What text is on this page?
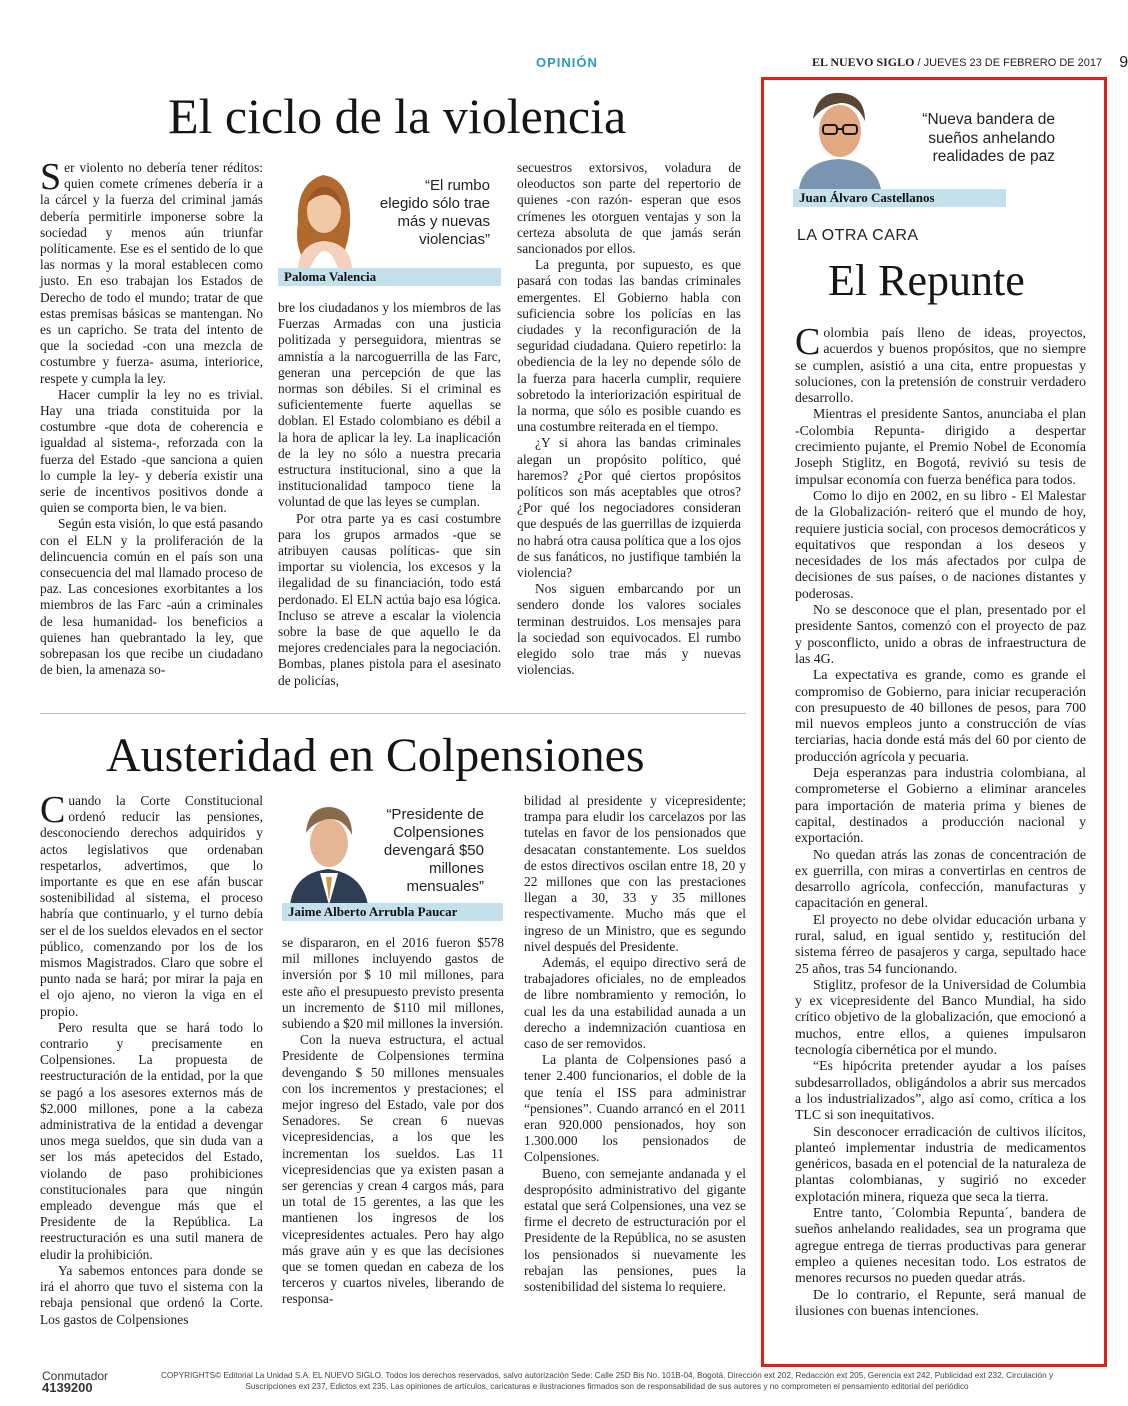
OPINIÓN	EL NUEVO SIGLO / JUEVES 23 DE FEBRERO DE 2017 9
El ciclo de la violencia

Ser violento no debería tener réditos: quien comete crímenes debería ir a la cárcel y la fuerza del criminal jamás debería permitirle imponerse sobre la sociedad y menos aún triunfar políticamente. Ese es el sentido de lo que las normas y la moral establecen como justo. En eso trabajan los Estados de Derecho de todo el mundo; tratar de que estas premisas básicas se mantengan. No es un capricho. Se trata del intento de que la sociedad -con una mezcla de costumbre y fuerza- asuma, interiorice, respete y cumpla la ley.

Hacer cumplir la ley no es trivial. Hay una triada constituida por la costumbre -que dota de coherencia e igualdad al sistema-, reforzada con la fuerza del Estado -que sanciona a quien lo cumple la ley- y debería existir una serie de incentivos positivos donde a quien se comporta bien, le va bien.

Según esta visión, lo que está pasando con el ELN y la proliferación de la delincuencia común en el país son una consecuencia del mal llamado proceso de paz. Las concesiones exorbitantes a los miembros de las Farc -aún a criminales de lesa humanidad- los beneficios a quienes han quebrantado la ley, que sobrepasan los que recibe un ciudadano de bien, la amenaza so-

“El rumbo elegido sólo trae más y nuevas violencias”
Paloma Valencia

bre los ciudadanos y los miembros de las Fuerzas Armadas con una justicia politizada y perseguidora, mientras se amnistía a la narcoguerrilla de las Farc, generan una percepción de que las normas son débiles. Si el criminal es suficientemente fuerte aquellas se doblan. El Estado colombiano es débil a la hora de aplicar la ley. La inaplicación de la ley no sólo a nuestra precaria estructura institucional, sino a que la institucionalidad tampoco tiene la voluntad de que las leyes se cumplan.

Por otra parte ya es casi costumbre para los grupos armados -que se atribuyen causas políticas- que sin importar su violencia, los excesos y la ilegalidad de su financiación, todo está perdonado. El ELN actúa bajo esa lógica. Incluso se atreve a escalar la violencia sobre la base de que aquello le da mejores credenciales para la negociación. Bombas, planes pistola para el asesinato de policías,

secuestros extorsivos, voladura de oleoductos son parte del repertorio de quienes -con razón- esperan que esos crímenes les otorguen ventajas y son la certeza absoluta de que jamás serán sancionados por ellos.

La pregunta, por supuesto, es que pasará con todas las bandas criminales emergentes. El Gobierno habla con suficiencia sobre los policías en las ciudades y la reconfiguración de la seguridad ciudadana. Quiero repetirlo: la obediencia de la ley no depende sólo de la fuerza para hacerla cumplir, requiere sobretodo la interiorización espiritual de la norma, que sólo es posible cuando es una costumbre reiterada en el tiempo.

¿Y si ahora las bandas criminales alegan un propósito político, qué haremos? ¿Por qué ciertos propósitos políticos son más aceptables que otros? ¿Por qué los negociadores consideran que después de las guerrillas de izquierda no habrá otra causa política que a los ojos de sus fanáticos, no justifique también la violencia?

Nos siguen embarcando por un sendero donde los valores sociales terminan destruidos. Los mensajes para la sociedad son equivocados. El rumbo elegido solo trae más y nuevas violencias.

Austeridad en Colpensiones

Cuando la Corte Constitucional ordenó reducir las pensiones, desconociendo derechos adquiridos y actos legislativos que ordenaban respetarlos, advertimos, que lo importante es que en ese afán buscar sostenibilidad al sistema, el proceso habría que continuarlo, y el turno debía ser el de los sueldos elevados en el sector público, comenzando por los de los mismos Magistrados. Claro que sobre el punto nada se hará; por mirar la paja en el ojo ajeno, no vieron la viga en el propio.

Pero resulta que se hará todo lo contrario y precisamente en Colpensiones. La propuesta de reestructuración de la entidad, por la que se pagó a los asesores externos más de $2.000 millones, pone a la cabeza administrativa de la entidad a devengar unos mega sueldos, que sin duda van a ser los más apetecidos del Estado, violando de paso prohibiciones constitucionales para que ningún empleado devengue más que el Presidente de la República. La reestructuración es una sutil manera de eludir la prohibición.

Ya sabemos entonces para donde se irá el ahorro que tuvo el sistema con la rebaja pensional que ordenó la Corte. Los gastos de Colpensiones

“Presidente de Colpensiones devengará $50 millones mensuales”
Jaime Alberto Arrubla Paucar

se dispararon, en el 2016 fueron $578 mil millones incluyendo gastos de inversión por $ 10 mil millones, para este año el presupuesto previsto presenta un incremento de $110 mil millones, subiendo a $20 mil millones la inversión.

Con la nueva estructura, el actual Presidente de Colpensiones termina devengando $ 50 millones mensuales con los incrementos y prestaciones; el mejor ingreso del Estado, vale por dos Senadores. Se crean 6 nuevas vicepresidencias, a los que les incrementan los sueldos. Las 11 vicepresidencias que ya existen pasan a ser gerencias y crean 4 cargos más, para un total de 15 gerentes, a las que les mantienen los ingresos de los vicepresidentes actuales. Pero hay algo más grave aún y es que las decisiones que se tomen quedan en cabeza de los terceros y cuartos niveles, liberando de responsa-

bilidad al presidente y vicepresidente; trampa para eludir los carcelazos por las tutelas en favor de los pensionados que desacatan constantemente. Los sueldos de estos directivos oscilan entre 18, 20 y 22 millones que con las prestaciones llegan a 30, 33 y 35 millones respectivamente. Mucho más que el ingreso de un Ministro, que es segundo nivel después del Presidente.

Además, el equipo directivo será de trabajadores oficiales, no de empleados de libre nombramiento y remoción, lo cual les da una estabilidad aunada a un derecho a indemnización cuantiosa en caso de ser removidos.

La planta de Colpensiones pasó a tener 2.400 funcionarios, el doble de la que tenía el ISS para administrar “pensiones”. Cuando arrancó en el 2011 eran 920.000 pensionados, hoy son 1.300.000 los pensionados de Colpensiones.

Bueno, con semejante andanada y el despropósito administrativo del gigante estatal que será Colpensiones, una vez se firme el decreto de estructuración por el Presidente de la República, no se asusten los pensionados si nuevamente les rebajan las pensiones, pues la sostenibilidad del sistema lo requiere.

“Nueva bandera de sueños anhelando realidades de paz
Juan Álvaro Castellanos
LA OTRA CARA
El Repunte

Colombia país lleno de ideas, proyectos, acuerdos y buenos propósitos, que no siempre se cumplen, asistió a una cita, entre propuestas y soluciones, con la pretensión de construir verdadero desarrollo.

Mientras el presidente Santos, anunciaba el plan -Colombia Repunta- dirigido a despertar crecimiento pujante, el Premio Nobel de Economía Joseph Stiglitz, en Bogotá, revivió su tesis de impulsar economía con fuerza benéfica para todos.

Como lo dijo en 2002, en su libro - El Malestar de la Globalización- reiteró que el mundo de hoy, requiere justicia social, con procesos democráticos y equitativos que respondan a los deseos y necesidades de los más afectados por culpa de decisiones de sus países, o de naciones distantes y poderosas.

No se desconoce que el plan, presentado por el presidente Santos, comenzó con el proyecto de paz y posconflicto, unido a obras de infraestructura de las 4G.

La expectativa es grande, como es grande el compromiso de Gobierno, para iniciar recuperación con presupuesto de 40 billones de pesos, para 700 mil nuevos empleos junto a construcción de vías terciarias, hacia donde está más del 60 por ciento de producción agrícola y pecuaria.

Deja esperanzas para industria colombiana, al comprometerse el Gobierno a eliminar aranceles para importación de materia prima y bienes de capital, destinados a producción nacional y exportación.

No quedan atrás las zonas de concentración de ex guerrilla, con miras a convertirlas en centros de desarrollo agrícola, confección, manufacturas y capacitación en general.

El proyecto no debe olvidar educación urbana y rural, salud, en igual sentido y, restitución del sistema férreo de pasajeros y carga, sepultado hace 25 años, tras 54 funcionando.

Stiglitz, profesor de la Universidad de Columbia y ex vicepresidente del Banco Mundial, ha sido crítico objetivo de la globalización, que emocionó a muchos, entre ellos, a quienes impulsaron tecnología cibernética por el mundo.

“Es hipócrita pretender ayudar a los países subdesarrollados, obligándolos a abrir sus mercados a los industrializados”, algo así como, crítica a los TLC si son inequitativos.

Sin desconocer erradicación de cultivos ilícitos, planteó implementar industria de medicamentos genéricos, basada en el potencial de la naturaleza de plantas colombianas, y sugirió no exceder explotación minera, riqueza que seca la tierra.

Entre tanto, ´Colombia Repunta´, bandera de sueños anhelando realidades, sea un programa que agregue entrega de tierras productivas para generar empleo a quienes necesitan todo. Los estratos de menores recursos no pueden quedar atrás.

De lo contrario, el Repunte, será manual de ilusiones con buenas intenciones.

Conmutador
4139200
COPYRIGHTS© Editorial La Unidad S.A. EL NUEVO SIGLO. Todos los derechos reservados, salvo autorización Sede: Calle 25D Bis No. 101B-04, Bogotá. Dirección ext 202, Redacción ext 205, Gerencia ext 242, Publicidad ext 232, Circulación y Suscripciones ext 237, Edictos ext 235. Las opiniones de artículos, caricaturas e ilustraciones firmados son de responsabilidad de sus autores y no comprometen el pensamiento editorial del periódico
